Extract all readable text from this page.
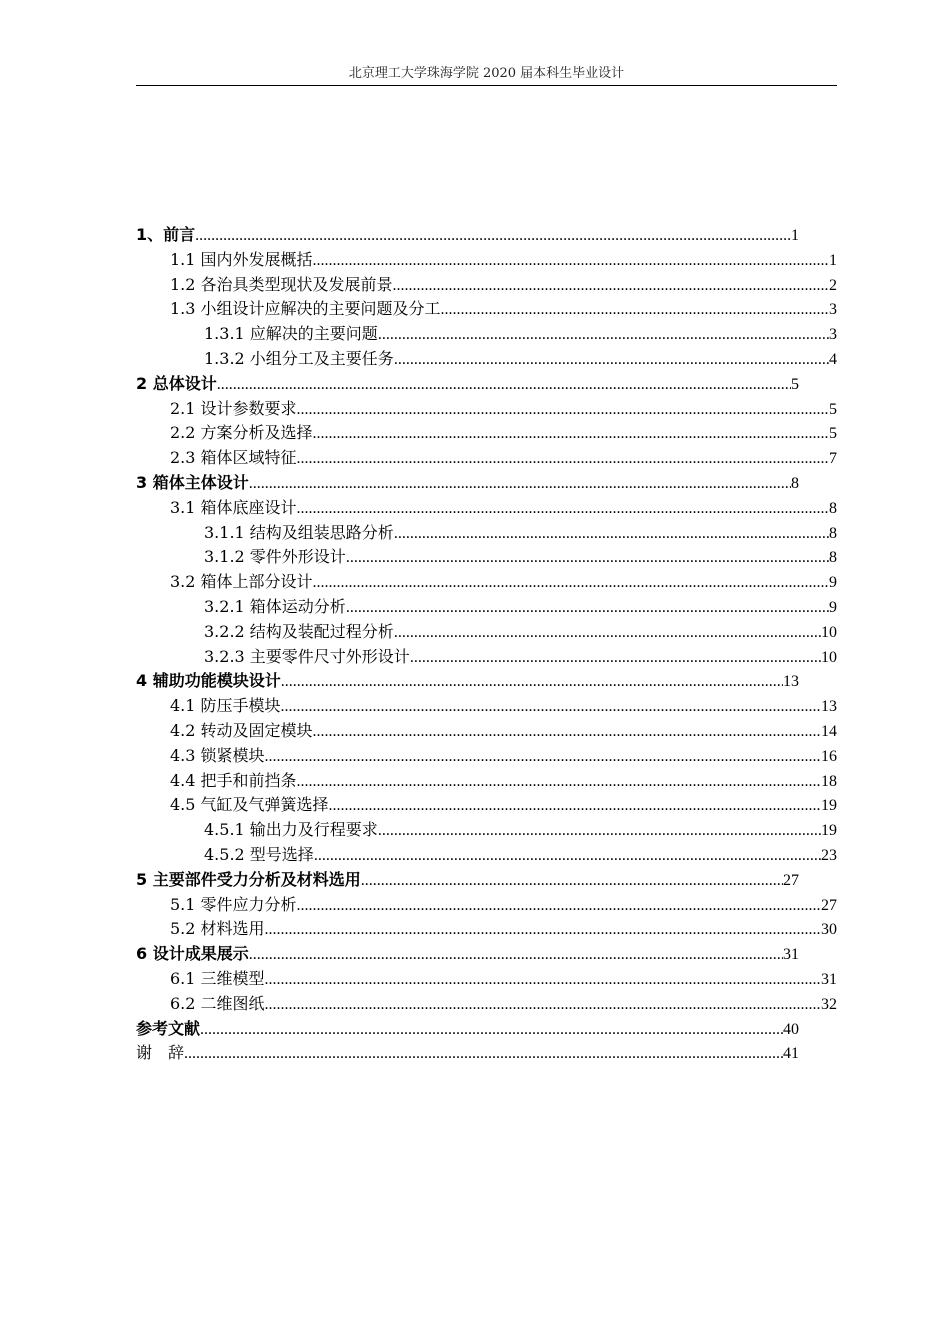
北京理工大学珠海学院 2020 届本科生毕业设计
1、前言 .....	1
1.1 国内外发展概括 .....	1
1.2 各治具类型现状及发展前景 .....	2
1.3 小组设计应解决的主要问题及分工 .....	3
1.3.1 应解决的主要问题 .....	3
1.3.2 小组分工及主要任务 .....	4
2 总体设计 .....	5
2.1 设计参数要求 .....	5
2.2 方案分析及选择 .....	5
2.3 箱体区域特征 .....	7
3 箱体主体设计 .....	8
3.1 箱体底座设计 .....	8
3.1.1 结构及组装思路分析 .....	8
3.1.2 零件外形设计 .....	8
3.2 箱体上部分设计 .....	9
3.2.1 箱体运动分析 .....	9
3.2.2 结构及装配过程分析 .....	10
3.2.3 主要零件尺寸外形设计 .....	10
4 辅助功能模块设计 .....	13
4.1 防压手模块 .....	13
4.2 转动及固定模块 .....	14
4.3 锁紧模块 .....	16
4.4 把手和前挡条 .....	18
4.5 气缸及气弹簧选择 .....	19
4.5.1 输出力及行程要求 .....	19
4.5.2 型号选择 .....	23
5 主要部件受力分析及材料选用 .....	27
5.1 零件应力分析 .....	27
5.2 材料选用 .....	30
6 设计成果展示 .....	31
6.1 三维模型 .....	31
6.2 二维图纸 .....	32
参考文献 .....	40
谢　辞 .....	41
